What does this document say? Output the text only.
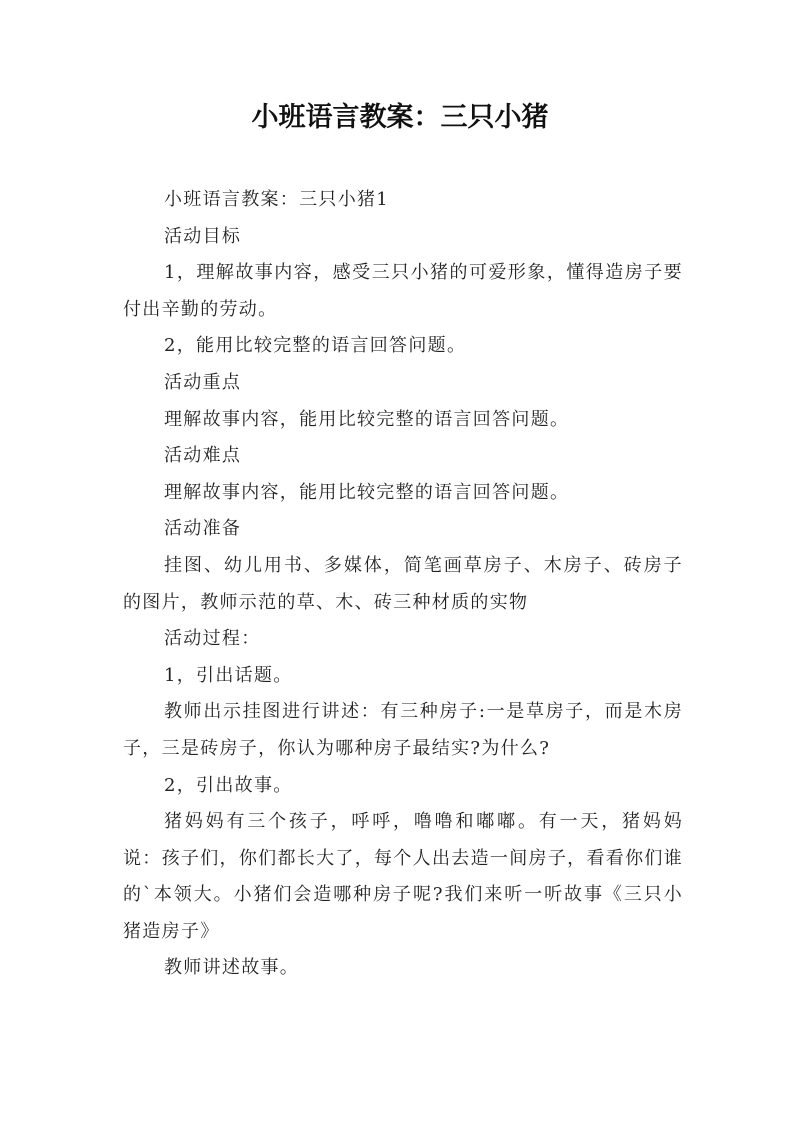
小班语言教案：三只小猪

小班语言教案：三只小猪1

活动目标

1，理解故事内容，感受三只小猪的可爱形象，懂得造房子要付出辛勤的劳动。

2，能用比较完整的语言回答问题。

活动重点

理解故事内容，能用比较完整的语言回答问题。

活动难点

理解故事内容，能用比较完整的语言回答问题。

活动准备

挂图、幼儿用书、多媒体，简笔画草房子、木房子、砖房子的图片，教师示范的草、木、砖三种材质的实物

活动过程：

1，引出话题。

教师出示挂图进行讲述：有三种房子:一是草房子，而是木房子，三是砖房子，你认为哪种房子最结实?为什么?

2，引出故事。

猪妈妈有三个孩子，呼呼，噜噜和嘟嘟。有一天，猪妈妈说：孩子们，你们都长大了，每个人出去造一间房子，看看你们谁的`本领大。小猪们会造哪种房子呢?我们来听一听故事《三只小猪造房子》

教师讲述故事。
